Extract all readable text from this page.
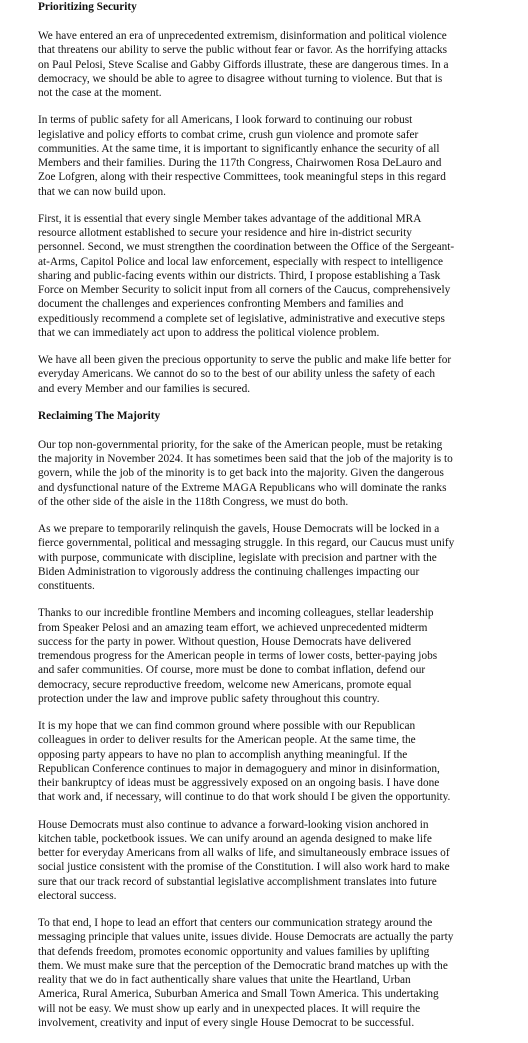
Prioritizing Security
We have entered an era of unprecedented extremism, disinformation and political violence
that threatens our ability to serve the public without fear or favor. As the horrifying attacks
on Paul Pelosi, Steve Scalise and Gabby Giffords illustrate, these are dangerous times. In a
democracy, we should be able to agree to disagree without turning to violence. But that is
not the case at the moment.
In terms of public safety for all Americans, I look forward to continuing our robust
legislative and policy efforts to combat crime, crush gun violence and promote safer
communities. At the same time, it is important to significantly enhance the security of all
Members and their families. During the 117th Congress, Chairwomen Rosa DeLauro and
Zoe Lofgren, along with their respective Committees, took meaningful steps in this regard
that we can now build upon.
First, it is essential that every single Member takes advantage of the additional MRA
resource allotment established to secure your residence and hire in-district security
personnel. Second, we must strengthen the coordination between the Office of the Sergeant-
at-Arms, Capitol Police and local law enforcement, especially with respect to intelligence
sharing and public-facing events within our districts. Third, I propose establishing a Task
Force on Member Security to solicit input from all corners of the Caucus, comprehensively
document the challenges and experiences confronting Members and families and
expeditiously recommend a complete set of legislative, administrative and executive steps
that we can immediately act upon to address the political violence problem.
We have all been given the precious opportunity to serve the public and make life better for
everyday Americans. We cannot do so to the best of our ability unless the safety of each
and every Member and our families is secured.
Reclaiming The Majority
Our top non-governmental priority, for the sake of the American people, must be retaking
the majority in November 2024. It has sometimes been said that the job of the majority is to
govern, while the job of the minority is to get back into the majority. Given the dangerous
and dysfunctional nature of the Extreme MAGA Republicans who will dominate the ranks
of the other side of the aisle in the 118th Congress, we must do both.
As we prepare to temporarily relinquish the gavels, House Democrats will be locked in a
fierce governmental, political and messaging struggle. In this regard, our Caucus must unify
with purpose, communicate with discipline, legislate with precision and partner with the
Biden Administration to vigorously address the continuing challenges impacting our
constituents.
Thanks to our incredible frontline Members and incoming colleagues, stellar leadership
from Speaker Pelosi and an amazing team effort, we achieved unprecedented midterm
success for the party in power. Without question, House Democrats have delivered
tremendous progress for the American people in terms of lower costs, better-paying jobs
and safer communities. Of course, more must be done to combat inflation, defend our
democracy, secure reproductive freedom, welcome new Americans, promote equal
protection under the law and improve public safety throughout this country.
It is my hope that we can find common ground where possible with our Republican
colleagues in order to deliver results for the American people. At the same time, the
opposing party appears to have no plan to accomplish anything meaningful. If the
Republican Conference continues to major in demagoguery and minor in disinformation,
their bankruptcy of ideas must be aggressively exposed on an ongoing basis. I have done
that work and, if necessary, will continue to do that work should I be given the opportunity.
House Democrats must also continue to advance a forward-looking vision anchored in
kitchen table, pocketbook issues. We can unify around an agenda designed to make life
better for everyday Americans from all walks of life, and simultaneously embrace issues of
social justice consistent with the promise of the Constitution. I will also work hard to make
sure that our track record of substantial legislative accomplishment translates into future
electoral success.
To that end, I hope to lead an effort that centers our communication strategy around the
messaging principle that values unite, issues divide. House Democrats are actually the party
that defends freedom, promotes economic opportunity and values families by uplifting
them. We must make sure that the perception of the Democratic brand matches up with the
reality that we do in fact authentically share values that unite the Heartland, Urban
America, Rural America, Suburban America and Small Town America. This undertaking
will not be easy. We must show up early and in unexpected places. It will require the
involvement, creativity and input of every single House Democrat to be successful.
